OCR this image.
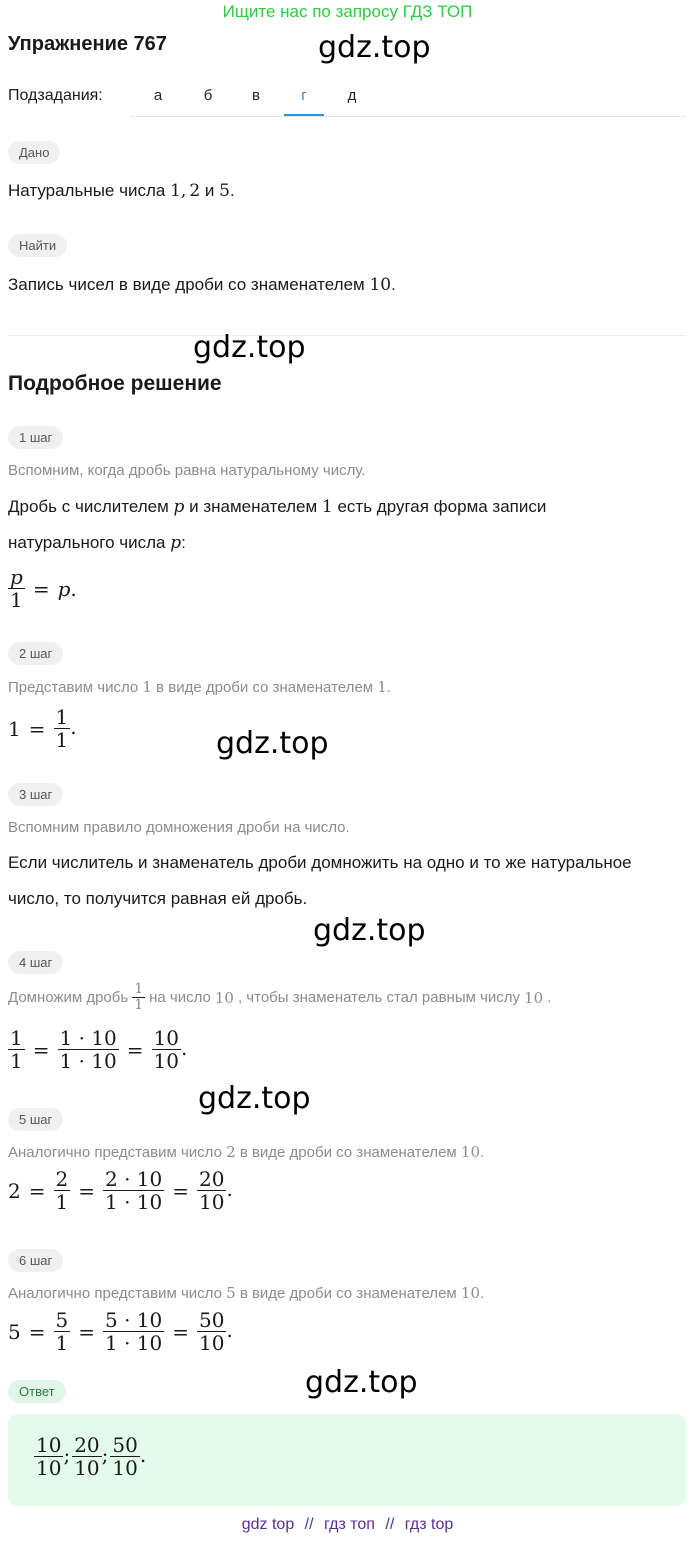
Ищите нас по запросу ГДЗ ТОП
Упражнение 767	gdz.top
Подзадания:	а	б	в	г	д
Дано
Натуральные числа 1, 2 и 5.
Найти
Запись чисел в виде дроби со знаменателем 10.
gdz.top
Подробное решение
1 шаг
Вспомним, когда дробь равна натуральному числу.
Дробь с числителем p и знаменателем 1 есть другая форма записи
натурального числа p:
$\frac{p}{1} = p$.
2 шаг
Представим число 1 в виде дроби со знаменателем 1.
$1 = \frac{1}{1}$ .	gdz.top
3 шаг
Вспомним правило домножения дроби на число.
Если числитель и знаменатель дроби домножить на одно и то же натуральное
число, то получится равная ей дробь.
gdz.top
4 шаг
Домножим дробь $\frac{1}{1}$ на число 10 , чтобы знаменатель стал равным числу 10 .
$\frac{1}{1} = \frac{1 \cdot 10}{1 \cdot 10} = \frac{10}{10}$ .
gdz.top
5 шаг
Аналогично представим число 2 в виде дроби со знаменателем 10.
$2 = \frac{2}{1} = \frac{2 \cdot 10}{1 \cdot 10} = \frac{20}{10}$ .
6 шаг
Аналогично представим число 5 в виде дроби со знаменателем 10.
$5 = \frac{5}{1} = \frac{5 \cdot 10}{1 \cdot 10} = \frac{50}{10}$ .
Ответ	gdz.top
$\frac{10}{10}$ ; $\frac{20}{10}$ ; $\frac{50}{10}$ .
gdz top // гдз топ // гдз top
